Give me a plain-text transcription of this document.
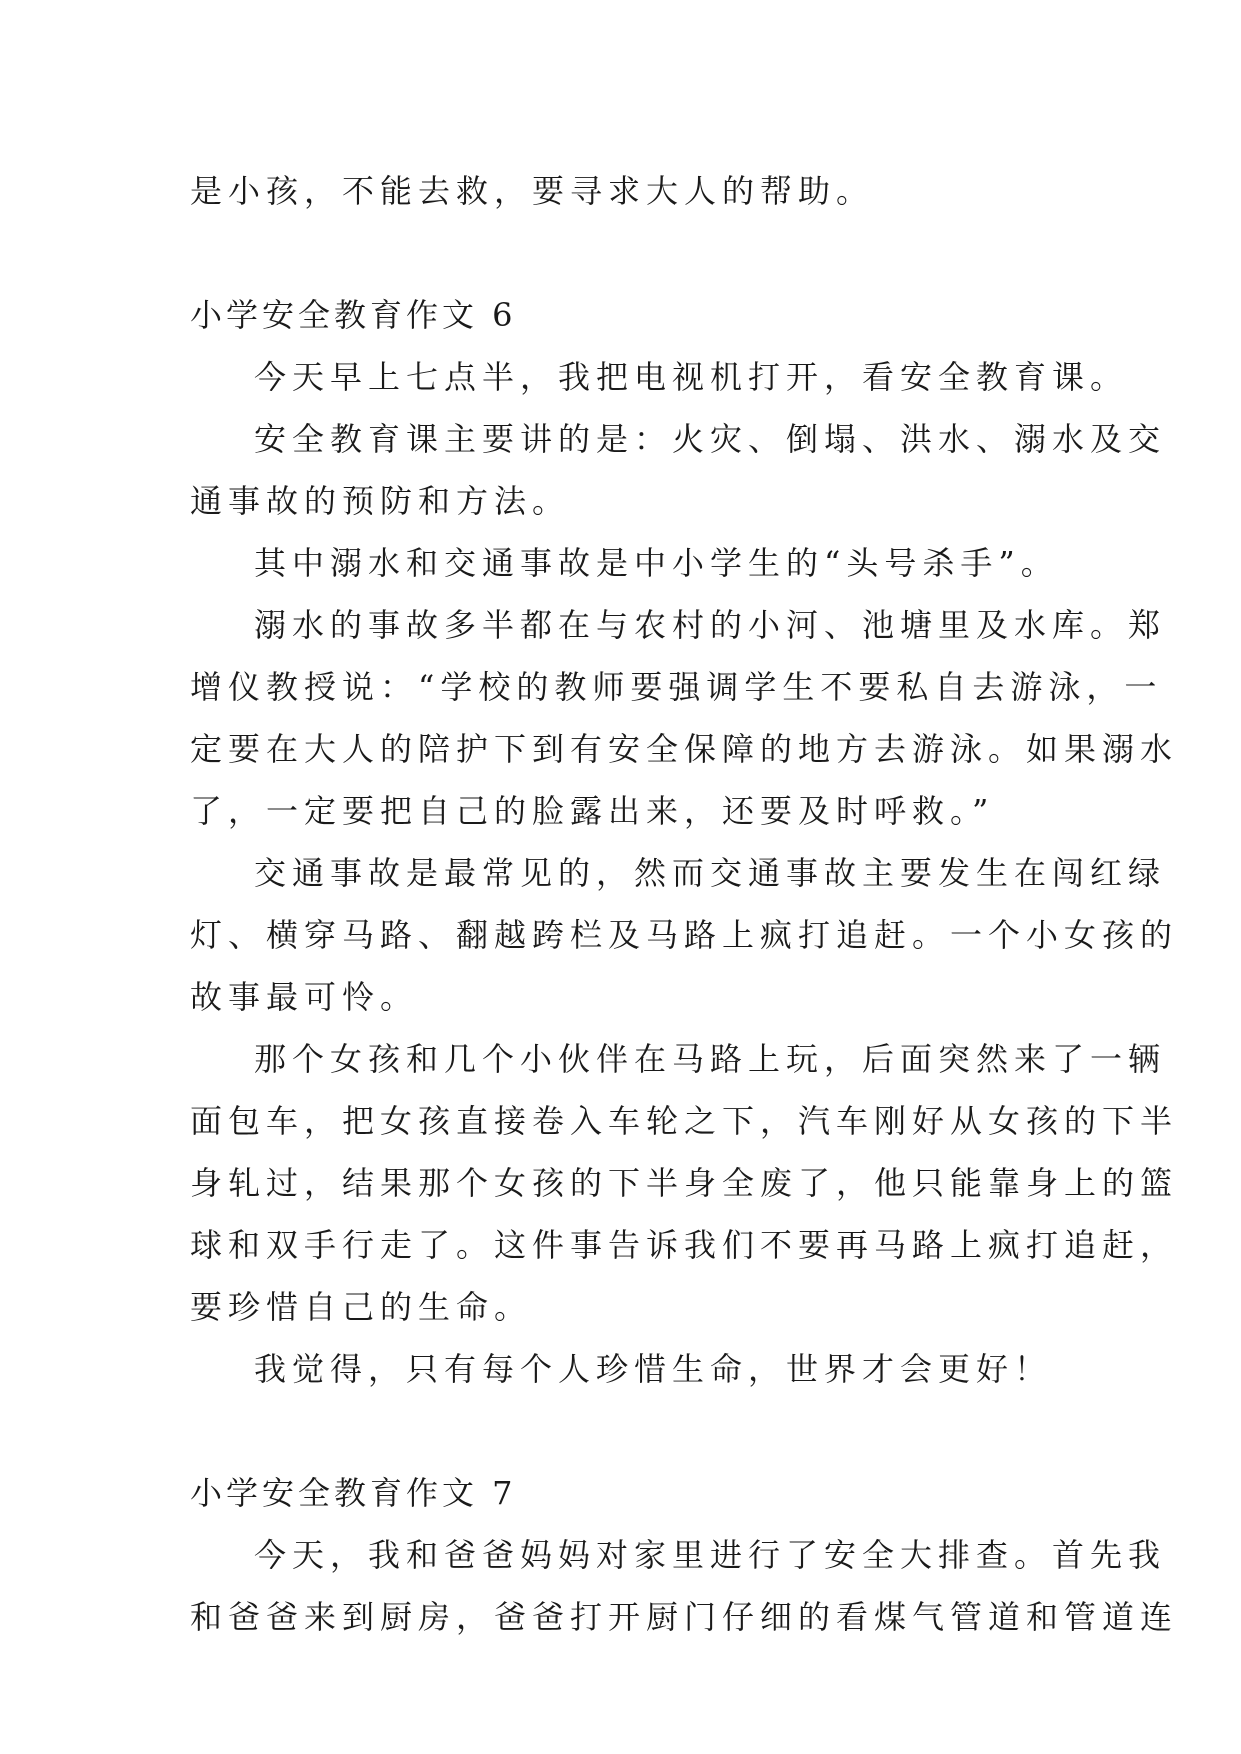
是小孩，不能去救，要寻求大人的帮助。
小学安全教育作文 6
今天早上七点半，我把电视机打开，看安全教育课。
安全教育课主要讲的是：火灾、倒塌、洪水、溺水及交
通事故的预防和方法。
其中溺水和交通事故是中小学生的“头号杀手”。
溺水的事故多半都在与农村的小河、池塘里及水库。郑
增仪教授说：“学校的教师要强调学生不要私自去游泳，一
定要在大人的陪护下到有安全保障的地方去游泳。如果溺水
了，一定要把自己的脸露出来，还要及时呼救。”
交通事故是最常见的，然而交通事故主要发生在闯红绿
灯、横穿马路、翻越跨栏及马路上疯打追赶。一个小女孩的
故事最可怜。
那个女孩和几个小伙伴在马路上玩，后面突然来了一辆
面包车，把女孩直接卷入车轮之下，汽车刚好从女孩的下半
身轧过，结果那个女孩的下半身全废了，他只能靠身上的篮
球和双手行走了。这件事告诉我们不要再马路上疯打追赶，
要珍惜自己的生命。
我觉得，只有每个人珍惜生命，世界才会更好！
小学安全教育作文 7
今天，我和爸爸妈妈对家里进行了安全大排查。首先我
和爸爸来到厨房，爸爸打开厨门仔细的看煤气管道和管道连
